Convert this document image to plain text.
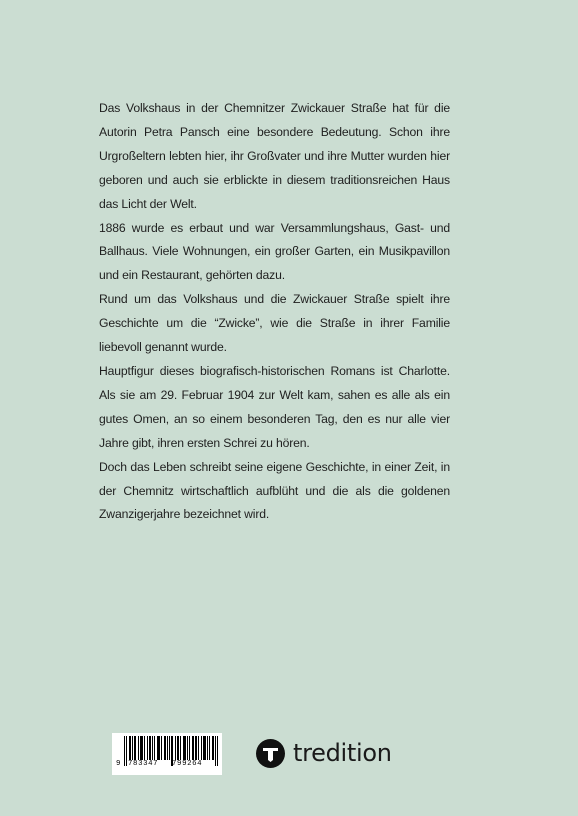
Das Volkshaus in der Chemnitzer Zwickauer Straße hat für die Autorin Petra Pansch eine besondere Bedeutung. Schon ihre Urgroßeltern lebten hier, ihr Großvater und ihre Mutter wurden hier geboren und auch sie erblickte in diesem traditionsreichen Haus das Licht der Welt.

1886 wurde es erbaut und war Versammlungshaus, Gast- und Ballhaus. Viele Wohnungen, ein großer Garten, ein Musikpavillon und ein Restaurant, gehörten dazu.

Rund um das Volkshaus und die Zwickauer Straße spielt ihre Geschichte um die “Zwicke”, wie die Straße in ihrer Familie liebevoll genannt wurde.

Hauptfigur dieses biografisch-historischen Romans ist Charlotte. Als sie am 29. Februar 1904 zur Welt kam, sahen es alle als ein gutes Omen, an so einem besonderen Tag, den es nur alle vier Jahre gibt, ihren ersten Schrei zu hören.

Doch das Leben schreibt seine eigene Geschichte, in einer Zeit, in der Chemnitz wirtschaftlich aufblüht und die als die goldenen Zwanzigerjahre bezeichnet wird.

9 783347 799264	tredition
